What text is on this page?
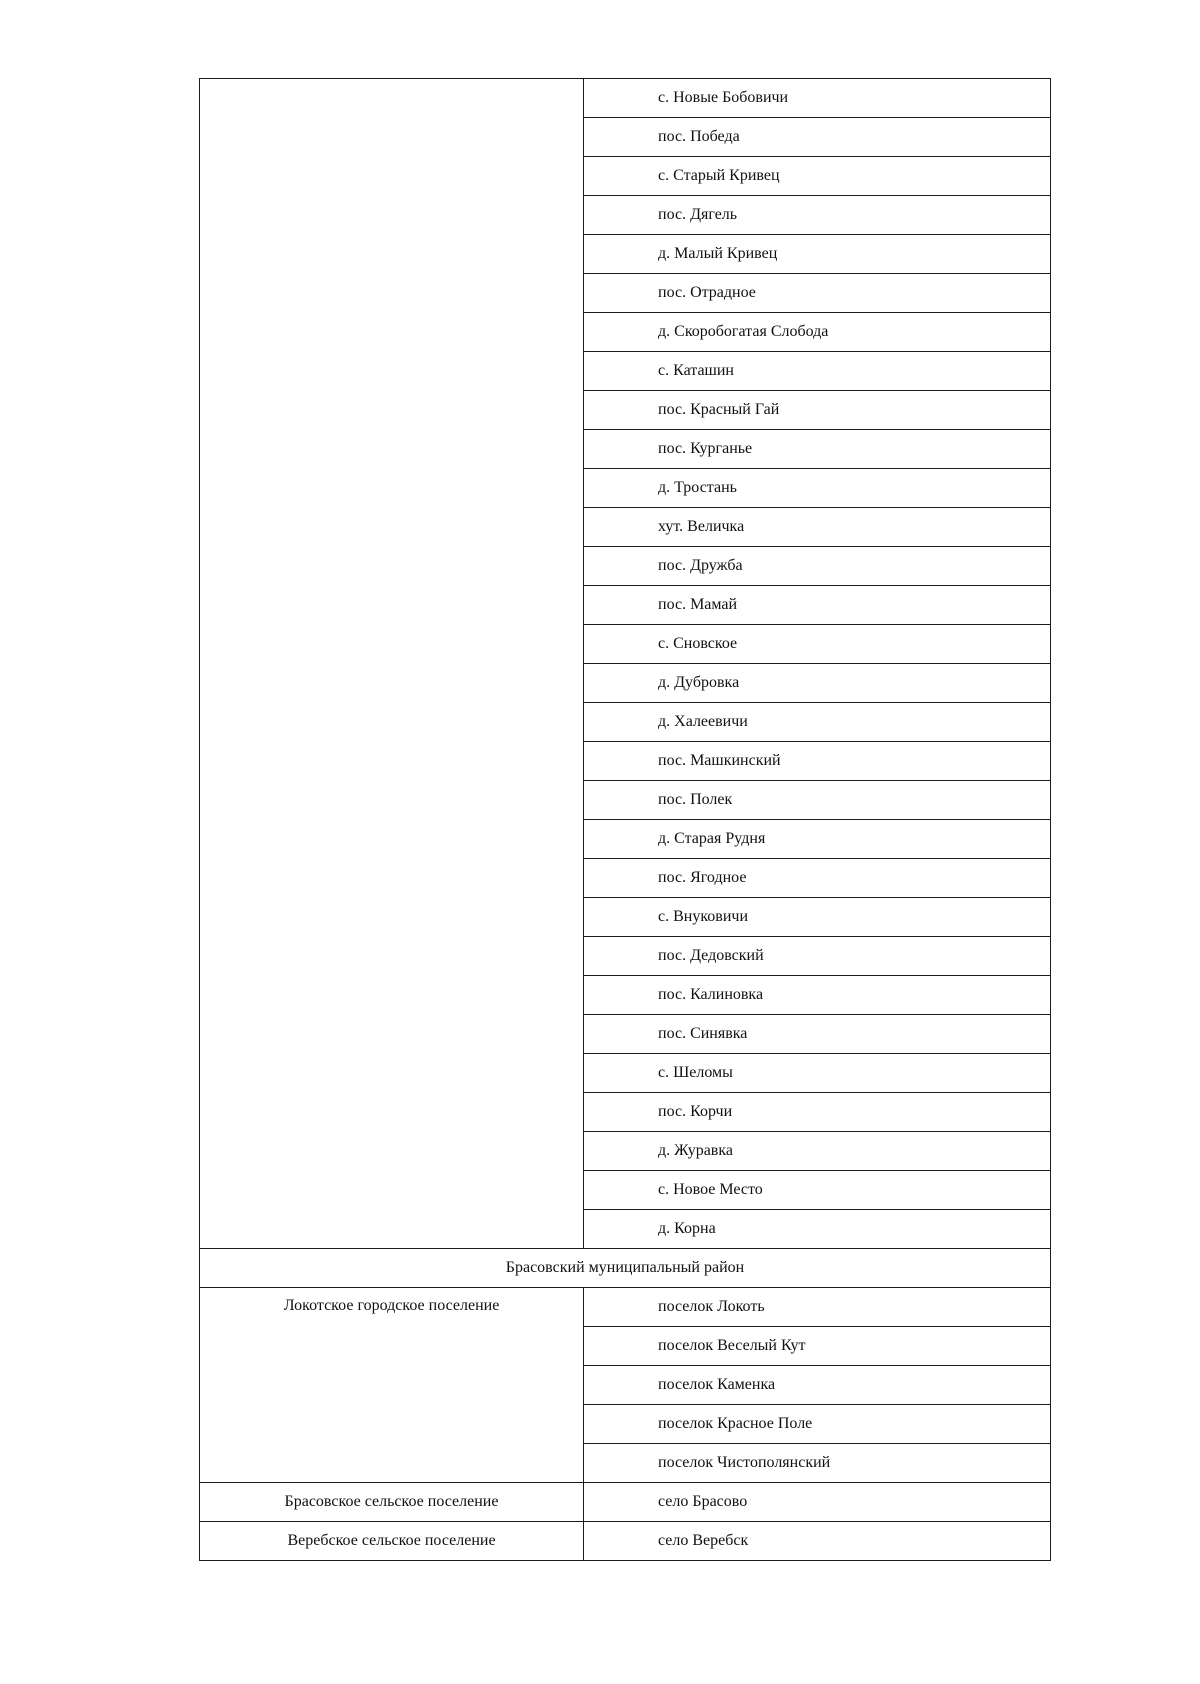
	с. Новые Бобовичи
	пос. Победа
	с. Старый Кривец
	пос. Дягель
	д. Малый Кривец
	пос. Отрадное
	д. Скоробогатая Слобода
	с. Каташин
	пос. Красный Гай
	пос. Курганье
	д. Тростань
	хут. Величка
	пос. Дружба
	пос. Мамай
	с. Сновское
	д. Дубровка
	д. Халеевичи
	пос. Машкинский
	пос. Полек
	д. Старая Рудня
	пос. Ягодное
	с. Внуковичи
	пос. Дедовский
	пос. Калиновка
	пос. Синявка
	с. Шеломы
	пос. Корчи
	д. Журавка
	с. Новое Место
	д. Корна
Брасовский муниципальный район	
Локотское городское поселение	поселок Локоть
	поселок Веселый Кут
	поселок Каменка
	поселок Красное Поле
	поселок Чистополянский
Брасовское сельское поселение	село Брасово
Веребское сельское поселение	село Веребск
